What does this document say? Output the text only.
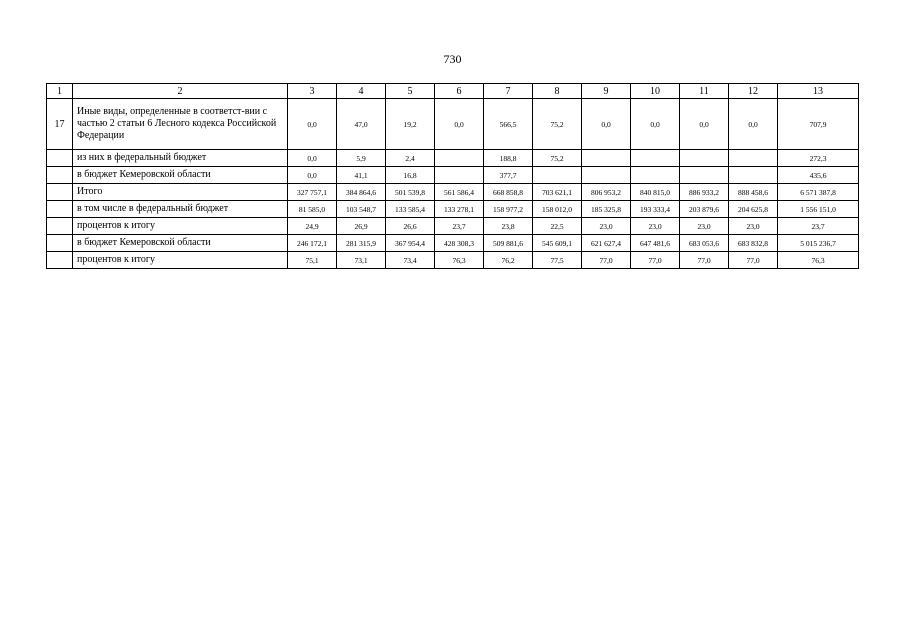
730
1	2	3	4	5	6	7	8	9	10	11	12	13
17	Иные виды, определенные в соответст-вии с частью 2 статьи 6 Лесного кодекса Российской Федерации	0,0	47,0	19,2	0,0	566,5	75,2	0,0	0,0	0,0	0,0	707,9
	из них в федеральный бюджет	0,0	5,9	2,4		188,8	75,2					272,3
	в бюджет Кемеровской области	0,0	41,1	16,8		377,7						435,6
	Итого	327 757,1	384 864,6	501 539,8	561 586,4	668 858,8	703 621,1	806 953,2	840 815,0	886 933,2	888 458,6	6 571 387,8
	в том числе в федеральный бюджет	81 585,0	103 548,7	133 585,4	133 278,1	158 977,2	158 012,0	185 325,8	193 333,4	203 879,6	204 625,8	1 556 151,0
	процентов к итогу	24,9	26,9	26,6	23,7	23,8	22,5	23,0	23,0	23,0	23,0	23,7
	в бюджет Кемеровской области	246 172,1	281 315,9	367 954,4	428 308,3	509 881,6	545 609,1	621 627,4	647 481,6	683 053,6	683 832,8	5 015 236,7
	процентов к итогу	75,1	73,1	73,4	76,3	76,2	77,5	77,0	77,0	77,0	77,0	76,3
